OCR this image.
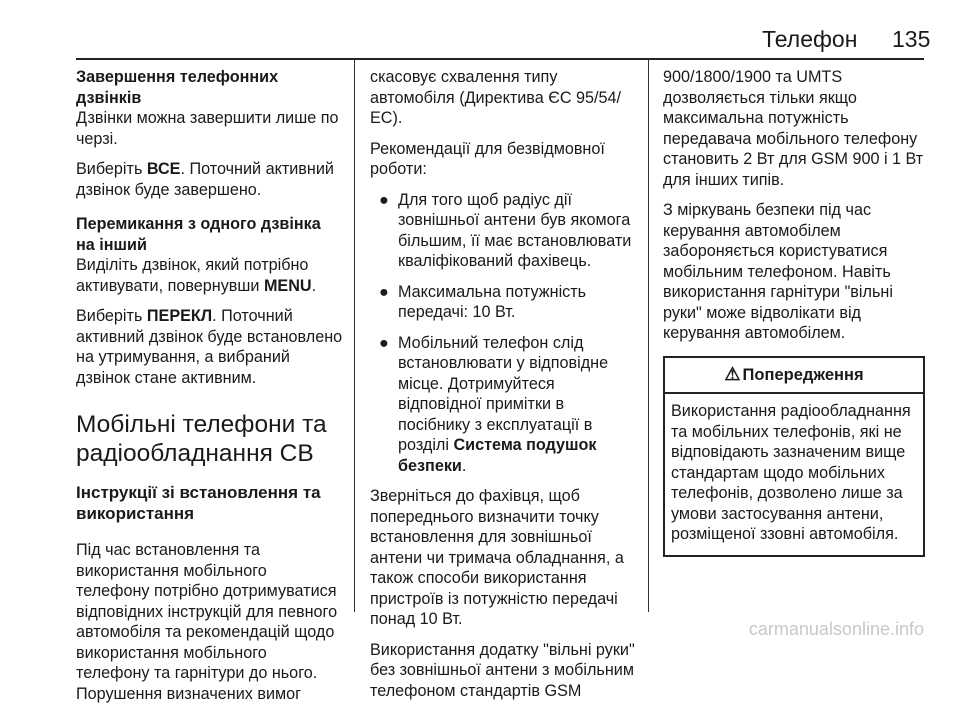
Телефон 135
Завершення телефонних дзвінків

Дзвінки можна завершити лише по черзі.

Виберіть ВСЕ. Поточний активний дзвінок буде завершено.

Перемикання з одного дзвінка на інший

Виділіть дзвінок, який потрібно активувати, повернувши MENU.

Виберіть ПЕРЕКЛ. Поточний активний дзвінок буде встановлено на утримування, а вибраний дзвінок стане активним.

Мобільні телефони та радіообладнання CB
Інструкції зі встановлення та використання

Під час встановлення та використання мобільного телефону потрібно дотримуватися відповідних інструкцій для певного автомобіля та рекомендацій щодо використання мобільного телефону та гарнітури до нього. Порушення визначених вимог

скасовує схвалення типу автомобіля (Директива ЄС 95/54/ЕС).

Рекомендації для безвідмовної роботи:

● Для того щоб радіус дії зовнішньої антени був якомога більшим, її має встановлювати кваліфікований фахівець.
● Максимальна потужність передачі: 10 Вт.
● Мобільний телефон слід встановлювати у відповідне місце. Дотримуйтеся відповідної примітки в посібнику з експлуатації в розділі Система подушок безпеки.

Зверніться до фахівця, щоб попереднього визначити точку встановлення для зовнішньої антени чи тримача обладнання, а також способи використання пристроїв із потужністю передачі понад 10 Вт.

Використання додатку "вільні руки" без зовнішньої антени з мобільним телефоном стандартів GSM

900/1800/1900 та UMTS дозволяється тільки якщо максимальна потужність передавача мобільного телефону становить 2 Вт для GSM 900 і 1 Вт для інших типів.

З міркувань безпеки під час керування автомобілем забороняється користуватися мобільним телефоном. Навіть використання гарнітури "вільні руки" може відволікати від керування автомобілем.

⚠ Попередження
Використання радіообладнання та мобільних телефонів, які не відповідають зазначеним вище стандартам щодо мобільних телефонів, дозволено лише за умови застосування антени, розміщеної ззовні автомобіля.
carmanualsonline.info
